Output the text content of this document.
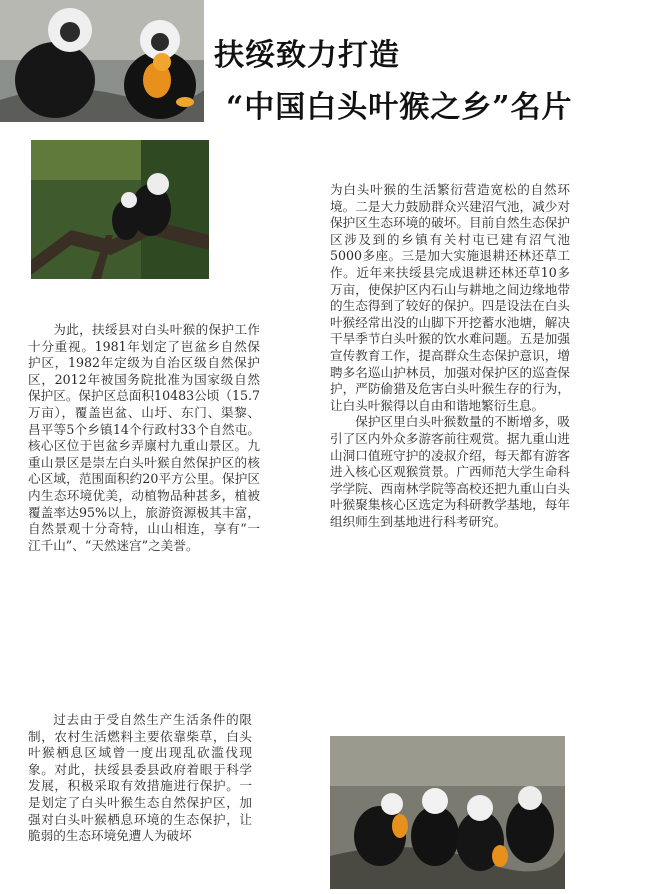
扶绥致力打造
“中国白头叶猴之乡”名片

为此，扶绥县对白头叶猴的保护工作十分重视。1981年划定了岜盆乡自然保护区，1982年定级为自治区级自然保护区，2012年被国务院批准为国家级自然保护区。保护区总面积10483公顷（15.7万亩），覆盖岜盆、山圩、东门、渠黎、昌平等5个乡镇14个行政村33个自然屯。核心区位于岜盆乡弄廪村九重山景区。九重山景区是崇左白头叶猴自然保护区的核心区域，范围面积约20平方公里。保护区内生态环境优美，动植物品种甚多，植被覆盖率达95%以上，旅游资源极其丰富，自然景观十分奇特，山山相连，享有“一江千山”、“天然迷宫”之美誉。

过去由于受自然生产生活条件的限制，农村生活燃料主要依靠柴草，白头叶猴栖息区域曾一度出现乱砍滥伐现象。对此，扶绥县委县政府着眼于科学发展，积极采取有效措施进行保护。一是划定了白头叶猴生态自然保护区，加强对白头叶猴栖息环境的生态保护，让脆弱的生态环境免遭人为破坏

为白头叶猴的生活繁衍营造宽松的自然环境。二是大力鼓励群众兴建沼气池，减少对保护区生态环境的破坏。目前自然生态保护区涉及到的乡镇有关村屯已建有沼气池5000多座。三是加大实施退耕还林还草工作。近年来扶绥县完成退耕还林还草10多万亩，使保护区内石山与耕地之间边缘地带的生态得到了较好的保护。四是设法在白头叶猴经常出没的山脚下开挖蓄水池塘，解决干旱季节白头叶猴的饮水难问题。五是加强宣传教育工作，提高群众生态保护意识，增聘多名巡山护林员，加强对保护区的巡查保护，严防偷猎及危害白头叶猴生存的行为，让白头叶猴得以自由和谐地繁衍生息。

保护区里白头叶猴数量的不断增多，吸引了区内外众多游客前往观赏。据九重山进山洞口值班守护的凌叔介绍，每天都有游客进入核心区观猴赏景。广西师范大学生命科学学院、西南林学院等高校还把九重山白头叶猴聚集核心区选定为科研教学基地，每年组织师生到基地进行科考研究。
